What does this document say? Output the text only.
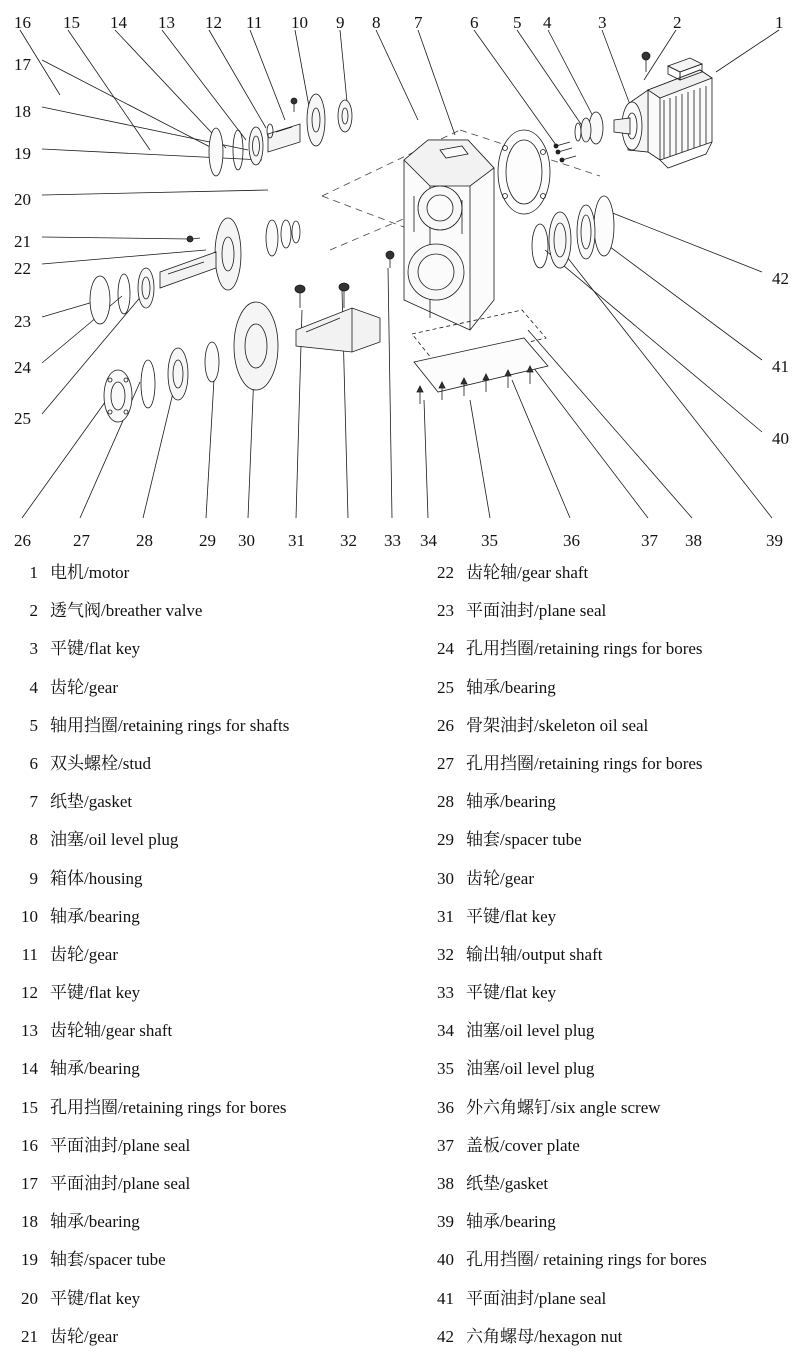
16 15 14 13 12 11 10 9 8 7	6 5 4	3	2	1
17
18
19
20
21
22
23
24
25
42
41
40
26 27	28	29 30 31 32 33 34	35	36	37 38	39
1 电机/motor
2 透气阀/breather valve
3 平键/flat key
4 齿轮/gear
5 轴用挡圈/retaining rings for shafts
6 双头螺栓/stud
7 纸垫/gasket
8 油塞/oil level plug
9 箱体/housing
10 轴承/bearing
11 齿轮/gear
12 平键/flat key
13 齿轮轴/gear shaft
14 轴承/bearing
15 孔用挡圈/retaining rings for bores
16 平面油封/plane seal
17 平面油封/plane seal
18 轴承/bearing
19 轴套/spacer tube
20 平键/flat key
21 齿轮/gear
22 齿轮轴/gear shaft
23 平面油封/plane seal
24 孔用挡圈/retaining rings for bores
25 轴承/bearing
26 骨架油封/skeleton oil seal
27 孔用挡圈/retaining rings for bores
28 轴承/bearing
29 轴套/spacer tube
30 齿轮/gear
31 平键/flat key
32 输出轴/output shaft
33 平键/flat key
34 油塞/oil level plug
35 油塞/oil level plug
36 外六角螺钉/six angle screw
37 盖板/cover plate
38 纸垫/gasket
39 轴承/bearing
40 孔用挡圈/ retaining rings for bores
41 平面油封/plane seal
42 六角螺母/hexagon nut
